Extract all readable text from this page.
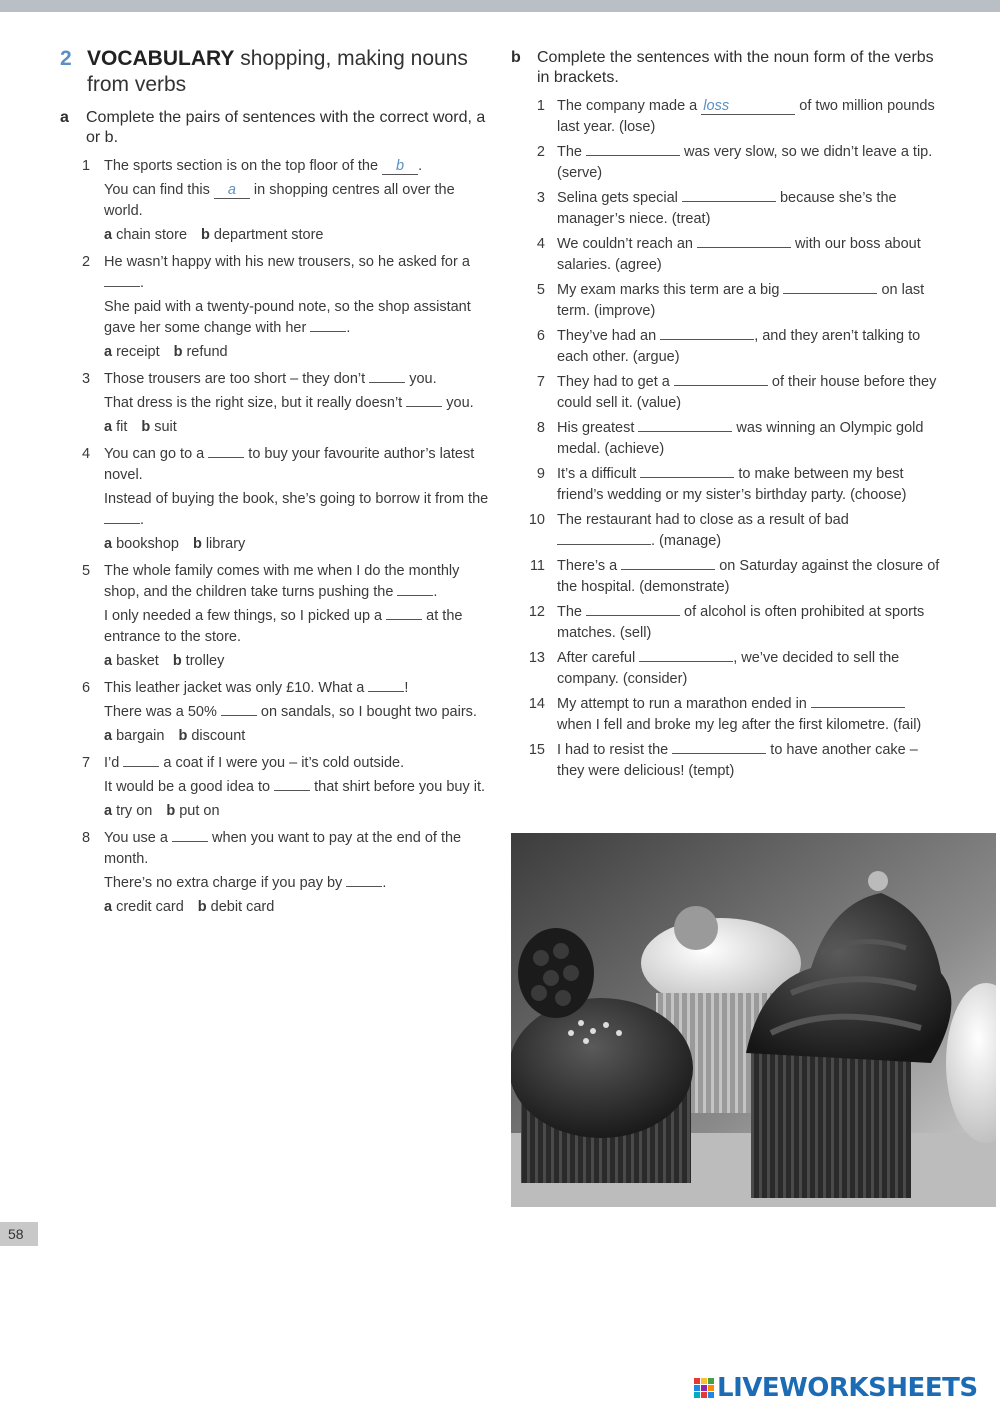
2 VOCABULARY shopping, making nouns from verbs
a Complete the pairs of sentences with the correct word, a or b.
1 The sports section is on the top floor of the b .

You can find this a in shopping centres all over the world.

a chain store b department store

2 He wasn’t happy with his new trousers, so he asked for a .

She paid with a twenty-pound note, so the shop assistant gave her some change with her .

a receipt b refund

3 Those trousers are too short – they don’t  you.

That dress is the right size, but it really doesn’t  you.

a fit b suit

4 You can go to a  to buy your favourite author’s latest novel.

Instead of buying the book, she’s going to borrow it from the .

a bookshop b library

5 The whole family comes with me when I do the monthly shop, and the children take turns pushing the .

I only needed a few things, so I picked up a  at the entrance to the store.

a basket b trolley

6 This leather jacket was only £10. What a !

There was a 50%  on sandals, so I bought two pairs.

a bargain b discount

7 I’d  a coat if I were you – it’s cold outside.

It would be a good idea to  that shirt before you buy it.

a try on b put on

8 You use a  when you want to pay at the end of the month.

There’s no extra charge if you pay by .

a credit card b debit card

b Complete the sentences with the noun form of the verbs in brackets.
1 The company made a loss	of two million pounds last year. (lose)
2 The	was very slow, so we didn’t leave a tip. (serve)
3 Selina gets special	because she’s the manager’s niece. (treat)
4 We couldn’t reach an	with our boss about salaries. (agree)
5 My exam marks this term are a big	on last term. (improve)
6 They’ve had an	, and they aren’t talking to each other. (argue)
7 They had to get a	of their house before they could sell it. (value)
8 His greatest	was winning an Olympic gold medal. (achieve)
9 It’s a difficult	to make between my best friend’s wedding or my sister’s birthday party. (choose)
10 The restaurant had to close as a result of bad . (manage)
11 There’s a	on Saturday against the closure of the hospital. (demonstrate)
12 The	of alcohol is often prohibited at sports matches. (sell)
13 After careful	, we’ve decided to sell the company. (consider)
14 My attempt to run a marathon ended in  when I fell and broke my leg after the first kilometre. (fail)
15 I had to resist the	to have another cake – they were delicious! (tempt)
58
LIVEWORKSHEETS
